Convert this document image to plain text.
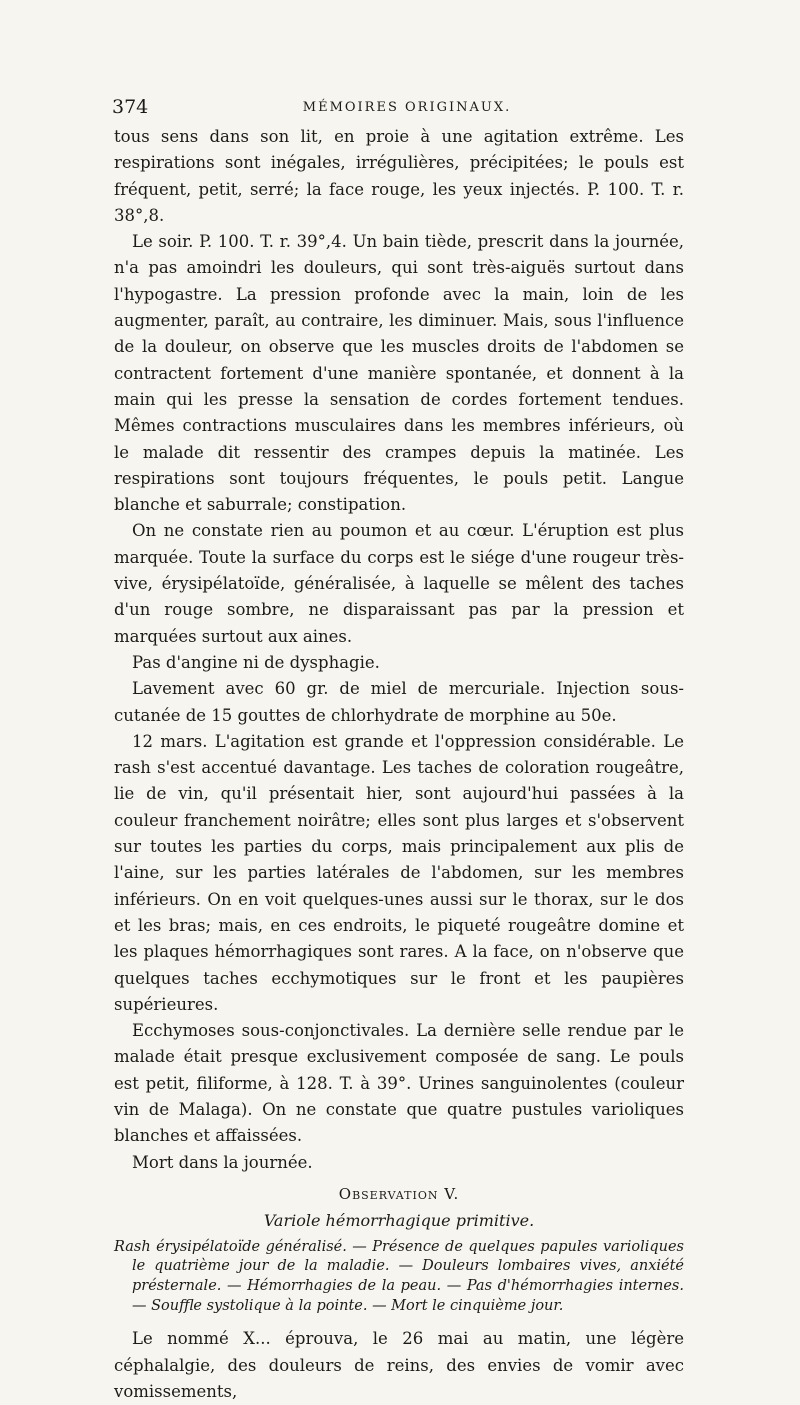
374	MÉMOIRES ORIGINAUX.

tous sens dans son lit, en proie à une agitation extrême. Les respirations sont inégales, irrégulières, précipitées; le pouls est fréquent, petit, serré; la face rouge, les yeux injectés. P. 100. T. r. 38°,8.

Le soir. P. 100. T. r. 39°,4. Un bain tiède, prescrit dans la journée, n'a pas amoindri les douleurs, qui sont très-aiguës surtout dans l'hypogastre. La pression profonde avec la main, loin de les augmenter, paraît, au contraire, les diminuer. Mais, sous l'influence de la douleur, on observe que les muscles droits de l'abdomen se contractent fortement d'une manière spontanée, et donnent à la main qui les presse la sensation de cordes fortement tendues. Mêmes contractions musculaires dans les membres inférieurs, où le malade dit ressentir des crampes depuis la matinée. Les respirations sont toujours fréquentes, le pouls petit. Langue blanche et saburrale; constipation.

On ne constate rien au poumon et au cœur. L'éruption est plus marquée. Toute la surface du corps est le siége d'une rougeur très-vive, érysipélatoïde, généralisée, à laquelle se mêlent des taches d'un rouge sombre, ne disparaissant pas par la pression et marquées surtout aux aines.

Pas d'angine ni de dysphagie.

Lavement avec 60 gr. de miel de mercuriale. Injection sous-cutanée de 15 gouttes de chlorhydrate de morphine au 50e.

12 mars. L'agitation est grande et l'oppression considérable. Le rash s'est accentué davantage. Les taches de coloration rougeâtre, lie de vin, qu'il présentait hier, sont aujourd'hui passées à la couleur franchement noirâtre; elles sont plus larges et s'observent sur toutes les parties du corps, mais principalement aux plis de l'aine, sur les parties latérales de l'abdomen, sur les membres inférieurs. On en voit quelques-unes aussi sur le thorax, sur le dos et les bras; mais, en ces endroits, le piqueté rougeâtre domine et les plaques hémorrhagiques sont rares. A la face, on n'observe que quelques taches ecchymotiques sur le front et les paupières supérieures.

Ecchymoses sous-conjonctivales. La dernière selle rendue par le malade était presque exclusivement composée de sang. Le pouls est petit, filiforme, à 128. T. à 39°. Urines sanguinolentes (couleur vin de Malaga). On ne constate que quatre pustules varioliques blanches et affaissées.

Mort dans la journée.

Observation V.
Variole hémorrhagique primitive.

Rash érysipélatoïde généralisé. — Présence de quelques papules varioliques le quatrième jour de la maladie. — Douleurs lombaires vives, anxiété présternale. — Hémorrhagies de la peau. — Pas d'hémorrhagies internes. — Souffle systolique à la pointe. — Mort le cinquième jour.

Le nommé X... éprouva, le 26 mai au matin, une légère céphalalgie, des douleurs de reins, des envies de vomir avec vomissements,
